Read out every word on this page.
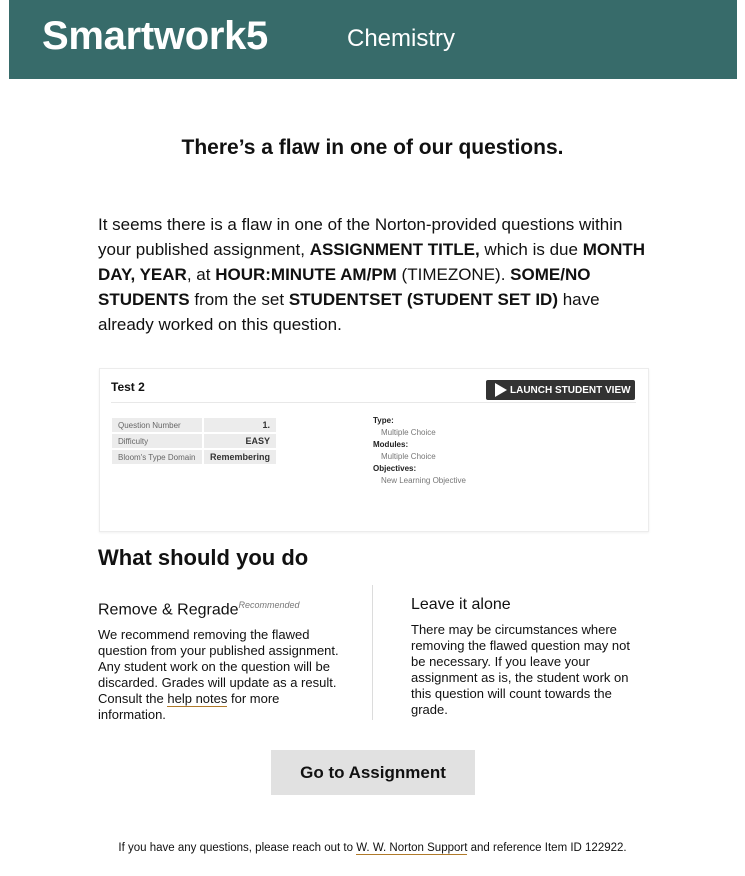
Smartwork5	Chemistry
There’s a flaw in one of our questions.
It seems there is a flaw in one of the Norton-provided questions within your published assignment, ASSIGNMENT TITLE, which is due MONTH DAY, YEAR, at HOUR:MINUTE AM/PM (TIMEZONE). SOME/NO STUDENTS from the set STUDENTSET (STUDENT SET ID) have already worked on this question.
Test 2	LAUNCH STUDENT VIEW
Question Number	1.
Difficulty	EASY
Bloom's Type Domain	Remembering
Type:
Multiple Choice
Modules:
Multiple Choice
Objectives:
New Learning Objective
What should you do
Remove & Regrade$^{Recommended}$

We recommend removing the flawed question from your published assignment. Any student work on the question will be discarded. Grades will update as a result. Consult the help notes for more information.

Leave it alone

There may be circumstances where removing the flawed question may not be necessary. If you leave your assignment as is, the student work on this question will count towards the grade.

Go to Assignment
If you have any questions, please reach out to W. W. Norton Support and reference Item ID 122922.
